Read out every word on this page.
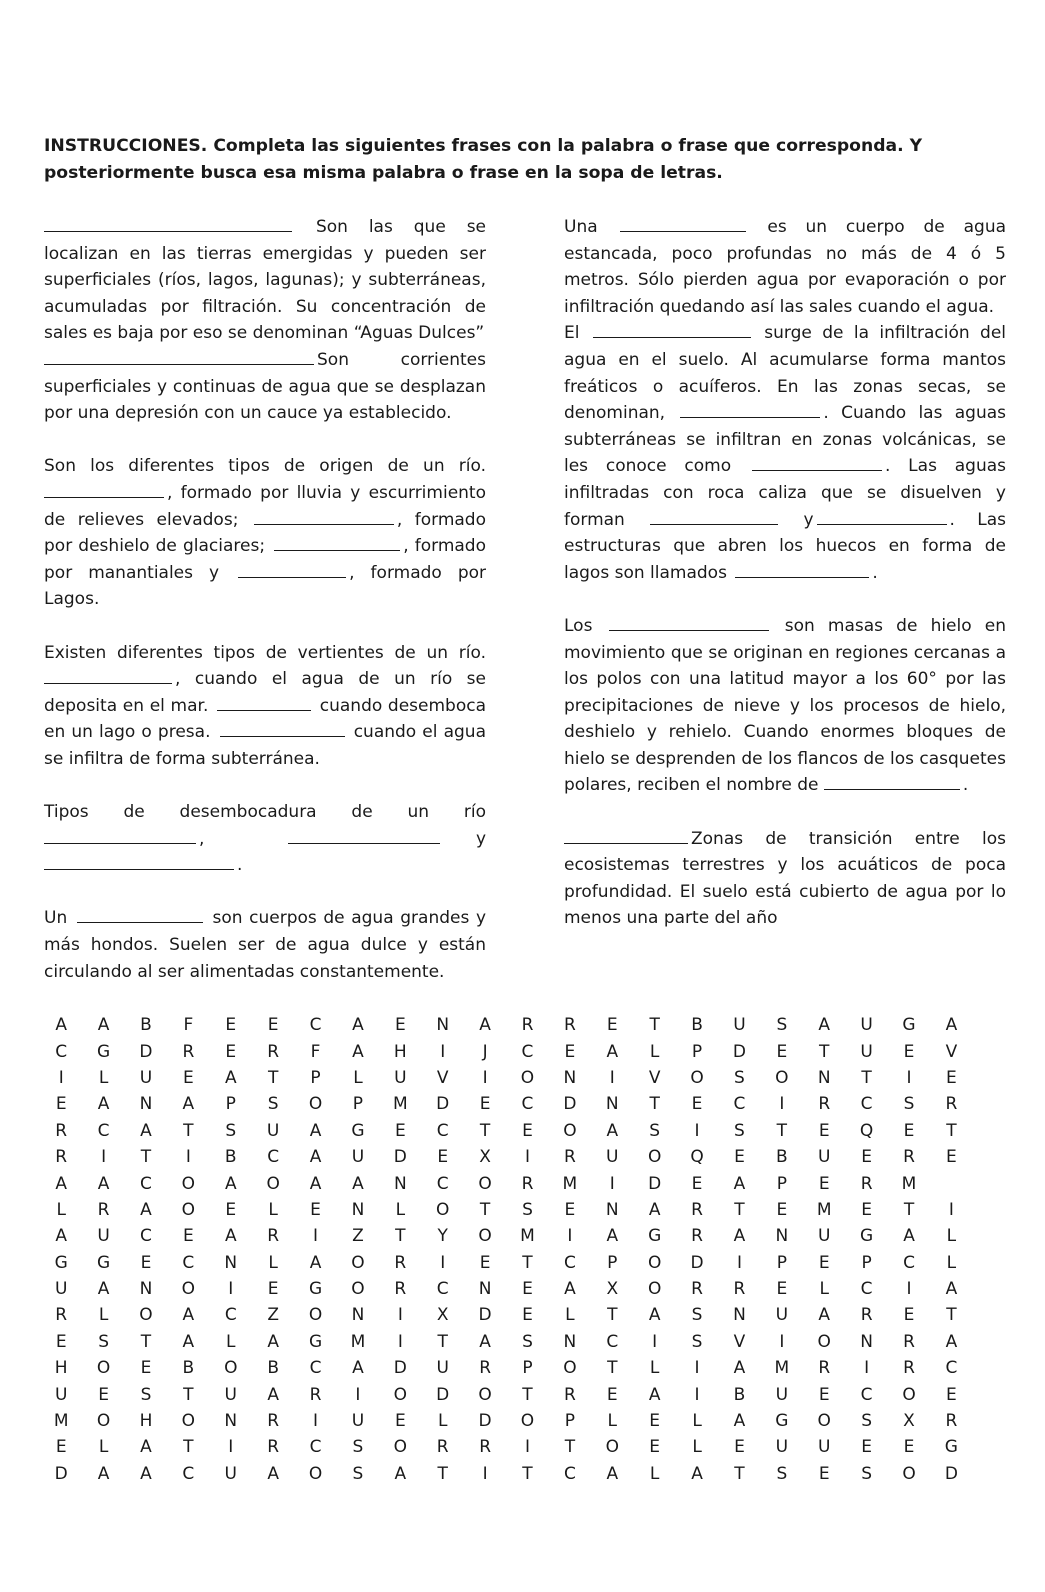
INSTRUCCIONES. Completa las siguientes frases con la palabra o frase que corresponda. Y posteriormente busca esa misma palabra o frase en la sopa de letras.

Son las que se localizan en las tierras emergidas y pueden ser superficiales (ríos, lagos, lagunas); y subterráneas, acumuladas por filtración. Su concentración de sales es baja por eso se denominan “Aguas Dulces”

Son corrientes superficiales y continuas de agua que se desplazan por una depresión con un cauce ya establecido.

Son los diferentes tipos de origen de un río. , formado por lluvia y escurrimiento de relieves elevados;	, formado por deshielo de glaciares;	, formado por manantiales y	, formado por Lagos.

Existen diferentes tipos de vertientes de un río. , cuando el agua de un río se deposita en el mar.	cuando desemboca en un lago o presa.	cuando el agua se infiltra de forma subterránea.

Tipos de desembocadura de un río ,	y .

Un	son cuerpos de agua grandes y más hondos. Suelen ser de agua dulce y están circulando al ser alimentadas constantemente.

Una	es un cuerpo de agua estancada, poco profundas no más de 4 ó 5 metros. Sólo pierden agua por evaporación o por infiltración quedando así las sales cuando el agua.

El	surge de la infiltración del agua en el suelo. Al acumularse forma mantos freáticos o acuíferos. En las zonas secas, se denominan,	. Cuando las aguas subterráneas se infiltran en zonas volcánicas, se les conoce como	. Las aguas infiltradas con roca caliza que se disuelven y forman	y	. Las estructuras que abren los huecos en forma de lagos son llamados	.

Los	son masas de hielo en movimiento que se originan en regiones cercanas a los polos con una latitud mayor a los 60° por las precipitaciones de nieve y los procesos de hielo, deshielo y rehielo. Cuando enormes bloques de hielo se desprenden de los flancos de los casquetes polares, reciben el nombre de	.

Zonas de transición entre los ecosistemas terrestres y los acuáticos de poca profundidad. El suelo está cubierto de agua por lo menos una parte del año

A	A	B	F	E	E	C	A	E	N	A	R	R	E	T	B	U	S	A	U	G	A
C	G	D	R	E	R	F	A	H	I	J	C	E	A	L	P	D	E	T	U	E	V
I	L	U	E	A	T	P	L	U	V	I	O	N	I	V	O	S	O	N	T	I	E
E	A	N	A	P	S	O	P	M	D	E	C	D	N	T	E	C	I	R	C	S	R
R	C	A	T	S	U	A	G	E	C	T	E	O	A	S	I	S	T	E	Q	E	T
R	I	T	I	B	C	A	U	D	E	X	I	R	U	O	Q	E	B	U	E	R	E
A	A	C	O	A	O	A	A	N	C	O	R	M	I	D	E	A	P	E	R	M	
L	R	A	O	E	L	E	N	L	O	T	S	E	N	A	R	T	E	M	E	T	I
A	U	C	E	A	R	I	Z	T	Y	O	M	I	A	G	R	A	N	U	G	A	L
G	G	E	C	N	L	A	O	R	I	E	T	C	P	O	D	I	P	E	P	C	L
U	A	N	O	I	E	G	O	R	C	N	E	A	X	O	R	R	E	L	C	I	A
R	L	O	A	C	Z	O	N	I	X	D	E	L	T	A	S	N	U	A	R	E	T
E	S	T	A	L	A	G	M	I	T	A	S	N	C	I	S	V	I	O	N	R	A
H	O	E	B	O	B	C	A	D	U	R	P	O	T	L	I	A	M	R	I	R	C
U	E	S	T	U	A	R	I	O	D	O	T	R	E	A	I	B	U	E	C	O	E
M	O	H	O	N	R	I	U	E	L	D	O	P	L	E	L	A	G	O	S	X	R
E	L	A	T	I	R	C	S	O	R	R	I	T	O	E	L	E	U	U	E	E	G
D	A	A	C	U	A	O	S	A	T	I	T	C	A	L	A	T	S	E	S	O	D
